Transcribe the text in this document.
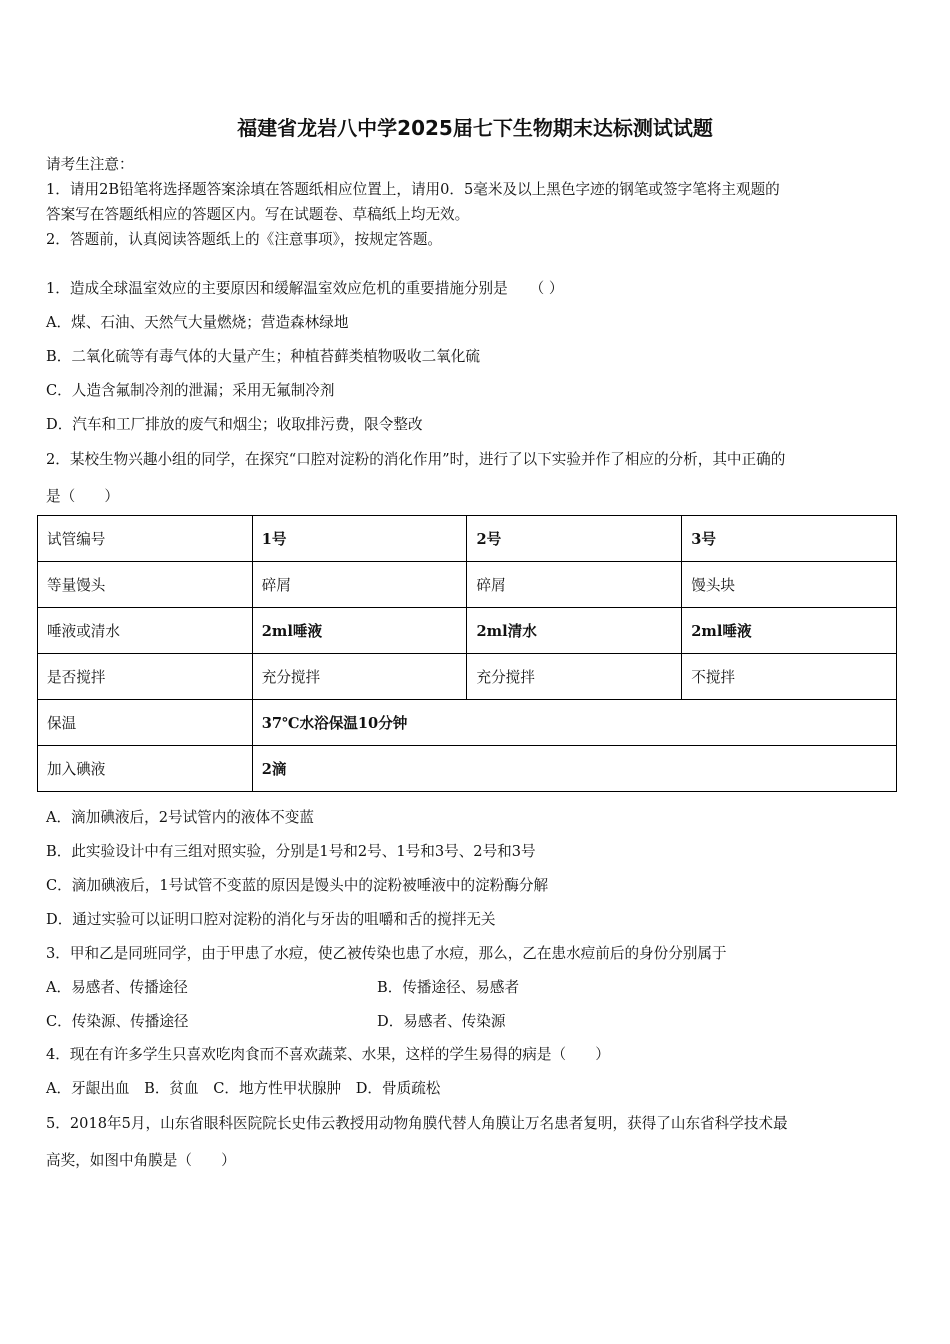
福建省龙岩八中学2025届七下生物期末达标测试试题
请考生注意：
1．请用2B铅笔将选择题答案涂填在答题纸相应位置上，请用0．5毫米及以上黑色字迹的钢笔或签字笔将主观题的
答案写在答题纸相应的答题区内。写在试题卷、草稿纸上均无效。
2．答题前，认真阅读答题纸上的《注意事项》，按规定答题。
1．造成全球温室效应的主要原因和缓解温室效应危机的重要措施分别是　　（ ）
A．煤、石油、天然气大量燃烧；营造森林绿地
B．二氧化硫等有毒气体的大量产生；种植苔藓类植物吸收二氧化硫
C．人造含氟制冷剂的泄漏；采用无氟制冷剂
D．汽车和工厂排放的废气和烟尘；收取排污费，限令整改
2．某校生物兴趣小组的同学，在探究“口腔对淀粉的消化作用”时，进行了以下实验并作了相应的分析，其中正确的
是（　　）
试管编号	1号	2号	3号
等量馒头	碎屑	碎屑	馒头块
唾液或清水	2ml唾液	2ml清水	2ml唾液
是否搅拌	充分搅拌	充分搅拌	不搅拌
保温	37℃水浴保温10分钟		
加入碘液	2滴		
A．滴加碘液后，2号试管内的液体不变蓝
B．此实验设计中有三组对照实验，分别是1号和2号、1号和3号、2号和3号
C．滴加碘液后，1号试管不变蓝的原因是馒头中的淀粉被唾液中的淀粉酶分解
D．通过实验可以证明口腔对淀粉的消化与牙齿的咀嚼和舌的搅拌无关
3．甲和乙是同班同学，由于甲患了水痘，使乙被传染也患了水痘，那么，乙在患水痘前后的身份分别属于
A．易感者、传播途径	B．传播途径、易感者
C．传染源、传播途径	D．易感者、传染源
4．现在有许多学生只喜欢吃肉食而不喜欢蔬菜、水果，这样的学生易得的病是（　　）
A．牙龈出血　B．贫血　C．地方性甲状腺肿　D．骨质疏松
5．2018年5月，山东省眼科医院院长史伟云教授用动物角膜代替人角膜让万名患者复明，获得了山东省科学技术最
高奖，如图中角膜是（　　）
